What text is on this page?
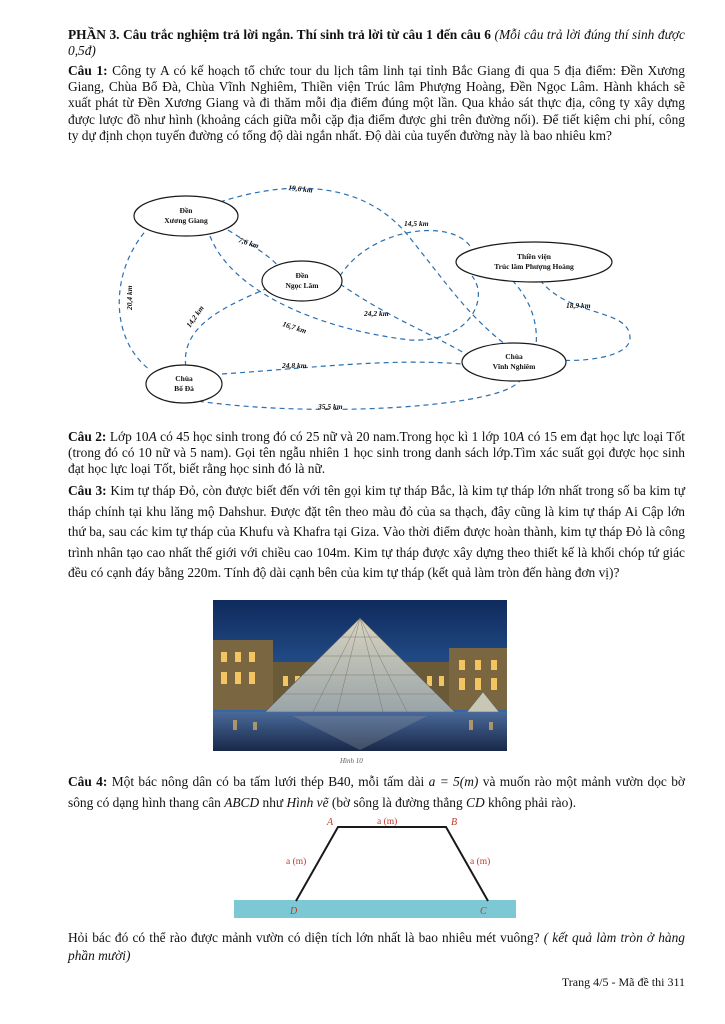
PHẦN 3. Câu trắc nghiệm trả lời ngắn. Thí sinh trả lời từ câu 1 đến câu 6 (Mỗi câu trả lời đúng thí sinh được 0,5đ)

Câu 1: Công ty A có kế hoạch tổ chức tour du lịch tâm linh tại tỉnh Bắc Giang đi qua 5 địa điểm: Đền Xương Giang, Chùa Bổ Đà, Chùa Vĩnh Nghiêm, Thiền viện Trúc lâm Phượng Hoàng, Đền Ngọc Lâm. Hành khách sẽ xuất phát từ Đền Xương Giang và đi thăm mỗi địa điểm đúng một lần. Qua khảo sát thực địa, công ty xây dựng được lược đồ như hình (khoảng cách giữa mỗi cặp địa điểm được ghi trên đường nối). Để tiết kiệm chi phí, công ty dự định chọn tuyến đường có tổng độ dài ngắn nhất. Độ dài của tuyến đường này là bao nhiêu km?

Đền
Xương Giang
Đền
Ngọc Lâm
Thiền viện
Trúc lâm Phượng Hoàng
Chùa
Vĩnh Nghiêm
Chùa
Bổ Đà
19,6 km
14,5 km
7,6 km
20,4 km
14,2 km	24,2 km
18,9 km
16,7 km
24,8 km
35,5 km

Câu 2: Lớp 10A có 45 học sinh trong đó có 25 nữ và 20 nam.Trong học kì 1 lớp 10A có 15 em đạt học lực loại Tốt (trong đó có 10 nữ và 5 nam). Gọi tên ngẫu nhiên 1 học sinh trong danh sách lớp.Tìm xác suất gọi được học sinh đạt học lực loại Tốt, biết rằng học sinh đó là nữ.

Câu 3: Kim tự tháp Đỏ, còn được biết đến với tên gọi kim tự tháp Bắc, là kim tự tháp lớn nhất trong số ba kim tự tháp chính tại khu lăng mộ Dahshur. Được đặt tên theo màu đỏ của sa thạch, đây cũng là kim tự tháp Ai Cập lớn thứ ba, sau các kim tự tháp của Khufu và Khafra tại Giza. Vào thời điểm được hoàn thành, kim tự tháp Đỏ là công trình nhân tạo cao nhất thế giới với chiều cao 104m. Kim tự tháp được xây dựng theo thiết kế là khối chóp tứ giác đều có cạnh đáy bằng 220m. Tính độ dài cạnh bên của kim tự tháp (kết quả làm tròn đến hàng đơn vị)?

Hình 10

Câu 4: Một bác nông dân có ba tấm lưới thép B40, mỗi tấm dài a = 5(m) và muốn rào một mảnh vườn dọc bờ sông có dạng hình thang cân ABCD như Hình vẽ (bờ sông là đường thẳng CD không phải rào).

A	B
D	C
a (m)
a (m)	a (m)

Hỏi bác đó có thể rào được mảnh vườn có diện tích lớn nhất là bao nhiêu mét vuông? ( kết quả làm tròn ở hàng phần mười)

Trang 4/5 - Mã đề thi 311
